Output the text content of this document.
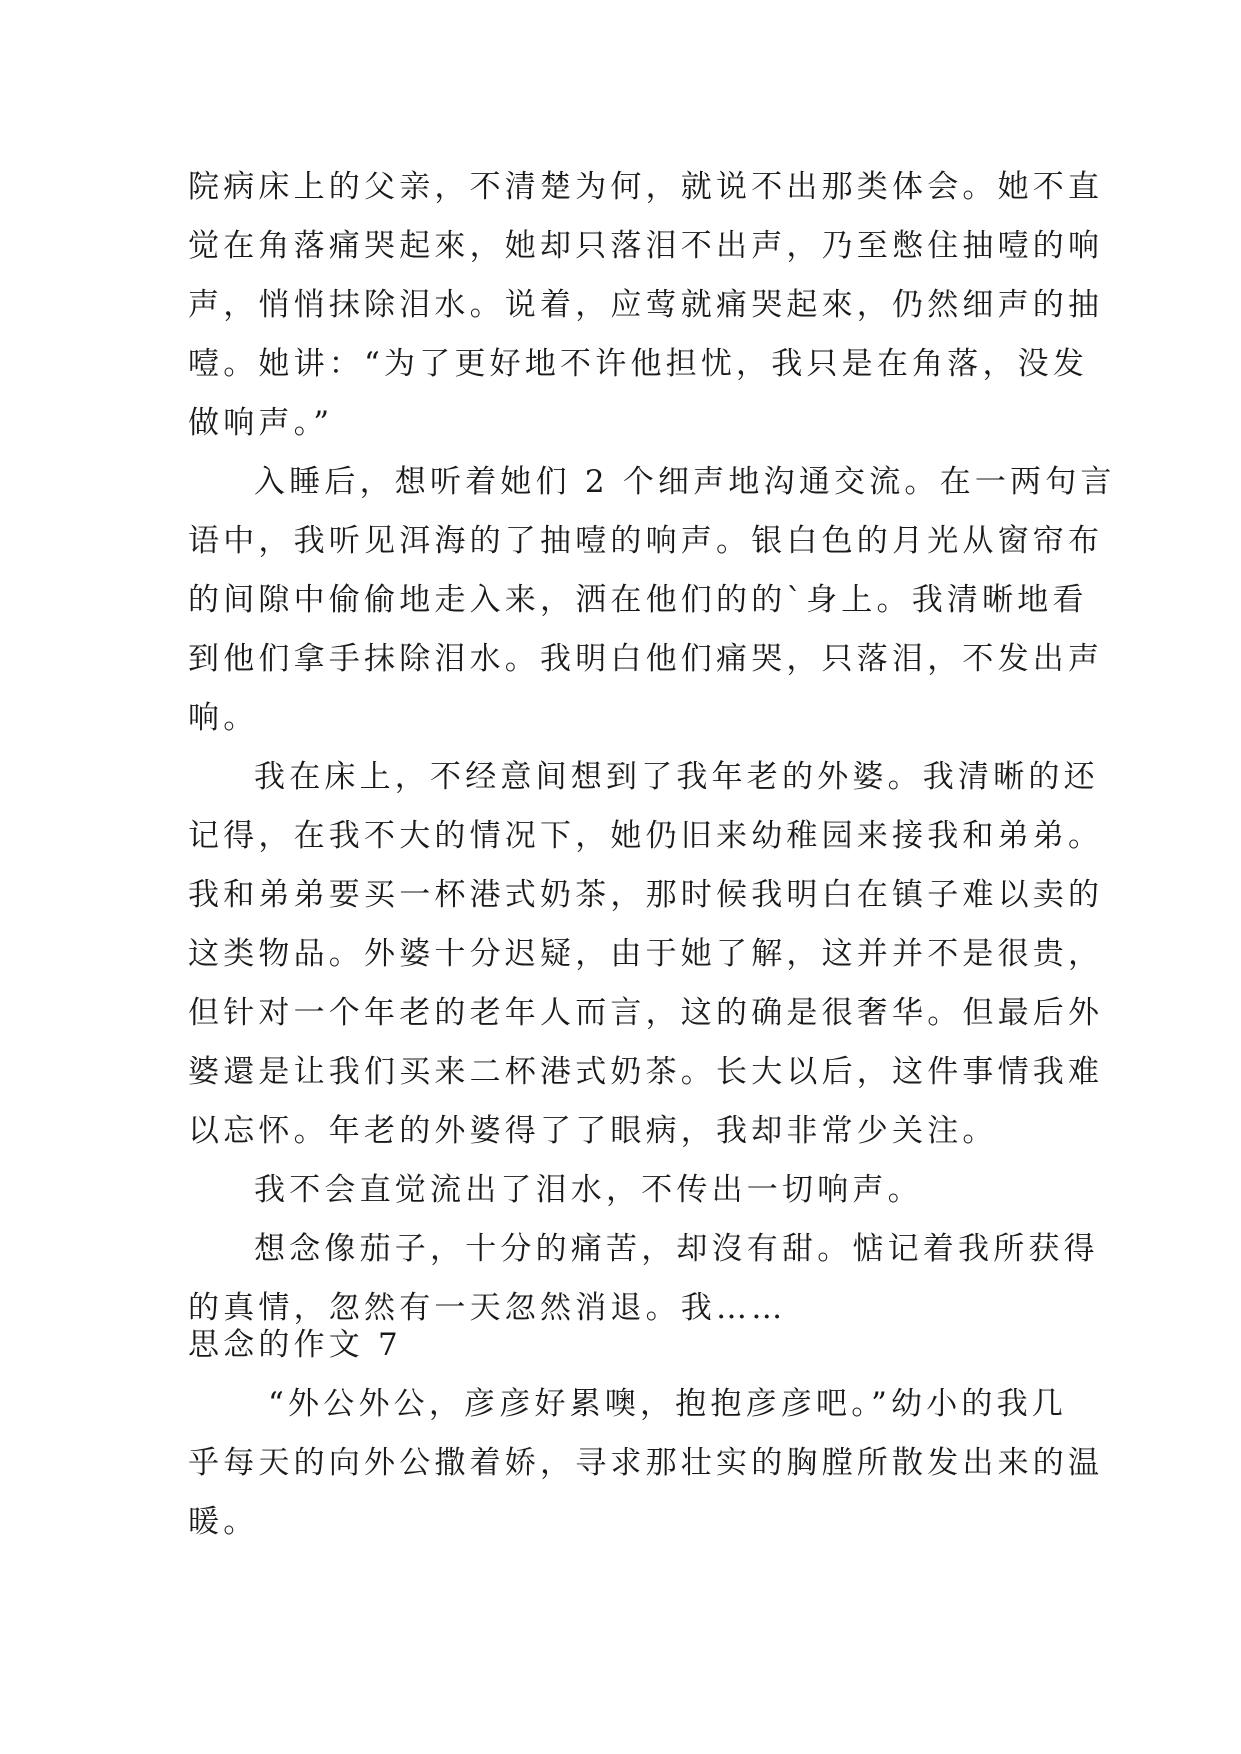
院病床上的父亲，不清楚为何，就说不出那类体会。她不直
觉在角落痛哭起來，她却只落泪不出声，乃至憋住抽噎的响
声，悄悄抹除泪水。说着，应莺就痛哭起來，仍然细声的抽
噎。她讲：“为了更好地不许他担忧，我只是在角落，没发
做响声。”
入睡后，想听着她们 2 个细声地沟通交流。在一两句言
语中，我听见洱海的了抽噎的响声。银白色的月光从窗帘布
的间隙中偷偷地走入来，洒在他们的的`身上。我清晰地看
到他们拿手抹除泪水。我明白他们痛哭，只落泪，不发出声
响。
我在床上，不经意间想到了我年老的外婆。我清晰的还
记得，在我不大的情况下，她仍旧来幼稚园来接我和弟弟。
我和弟弟要买一杯港式奶茶，那时候我明白在镇子难以卖的
这类物品。外婆十分迟疑，由于她了解，这并并不是很贵，
但针对一个年老的老年人而言，这的确是很奢华。但最后外
婆還是让我们买来二杯港式奶茶。长大以后，这件事情我难
以忘怀。年老的外婆得了了眼病，我却非常少关注。
我不会直觉流出了泪水，不传出一切响声。
想念像茄子，十分的痛苦，却沒有甜。惦记着我所获得
的真情，忽然有一天忽然消退。我……
思念的作文 7
“外公外公，彦彦好累噢，抱抱彦彦吧。”幼小的我几
乎每天的向外公撒着娇，寻求那壮实的胸膛所散发出来的温
暖。
